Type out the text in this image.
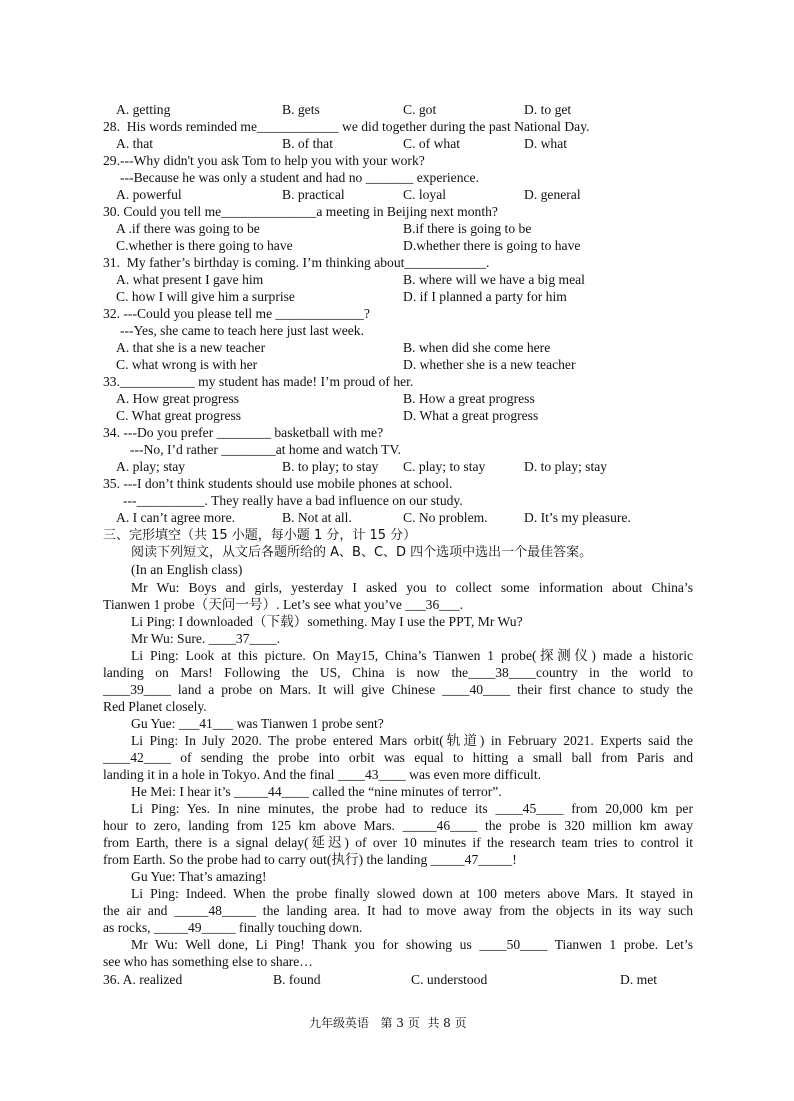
A. getting	B. gets	C. got	D. to get
28.  His words reminded me____________ we did together during the past National Day.
A. that	B. of that	C. of what	D. what
29.---Why didn't you ask Tom to help you with your work?
---Because he was only a student and had no _______ experience.
A. powerful	B. practical	C. loyal	D. general
30. Could you tell me______________a meeting in Beijing next month?
A .if there was going to be	B.if there is going to be
C.whether is there going to have	D.whether there is going to have
31.  My father’s birthday is coming. I’m thinking about____________.
A. what present I gave him	B. where will we have a big meal
C. how I will give him a surprise	D. if I planned a party for him
32. ---Could you please tell me _____________?
---Yes, she came to teach here just last week.
A. that she is a new teacher	B. when did she come here
C. what wrong is with her	D. whether she is a new teacher
33.___________ my student has made! I’m proud of her.
A. How great progress	B. How a great progress
C. What great progress	D. What a great progress
34. ---Do you prefer ________ basketball with me?
---No, I’d rather ________at home and watch TV.
A. play; stay	B. to play; to stay C. play; to stay	D. to play; stay
35. ---I don’t think students should use mobile phones at school.
---__________. They really have a bad influence on our study.
A. I can’t agree more.	B. Not at all.	C. No problem.	D. It’s my pleasure.
三、完形填空（共 15 小题，每小题 1 分，计 15 分）
阅读下列短文，从文后各题所给的 A、B、C、D 四个选项中选出一个最佳答案。
(In an English class)
Mr Wu: Boys and girls, yesterday I asked you to collect some information about China’s
Tianwen 1 probe（天问一号）. Let’s see what you’ve ___36___.
Li Ping: I downloaded（下载）something. May I use the PPT, Mr Wu?
Mr Wu: Sure. ____37____.
Li Ping: Look at this picture. On May15, China’s Tianwen 1 probe(探测仪) made a historic
landing on Mars! Following the US, China is now the____38____country in the world to
____39____ land a probe on Mars. It will give Chinese ____40____ their first chance to study the
Red Planet closely.
Gu Yue: ___41___ was Tianwen 1 probe sent?
Li Ping: In July 2020. The probe entered Mars orbit(轨道) in February 2021. Experts said the
____42____ of sending the probe into orbit was equal to hitting a small ball from Paris and
landing it in a hole in Tokyo. And the final ____43____ was even more difficult.
He Mei: I hear it’s _____44____ called the “nine minutes of terror”.
Li Ping: Yes. In nine minutes, the probe had to reduce its ____45____ from 20,000 km per
hour to zero, landing from 125 km above Mars. _____46____ the probe is 320 million km away
from Earth, there is a signal delay(延迟) of over 10 minutes if the research team tries to control it
from Earth. So the probe had to carry out(执行) the landing _____47_____!
Gu Yue: That’s amazing!
Li Ping: Indeed. When the probe finally slowed down at 100 meters above Mars. It stayed in
the air and _____48_____ the landing area. It had to move away from the objects in its way such
as rocks, _____49_____ finally touching down.
Mr Wu: Well done, Li Ping! Thank you for showing us ____50____ Tianwen 1 probe. Let’s
see who has something else to share…
36. A. realized	B. found	C. understood	D. met
九年级英语   第 3 页  共 8 页
